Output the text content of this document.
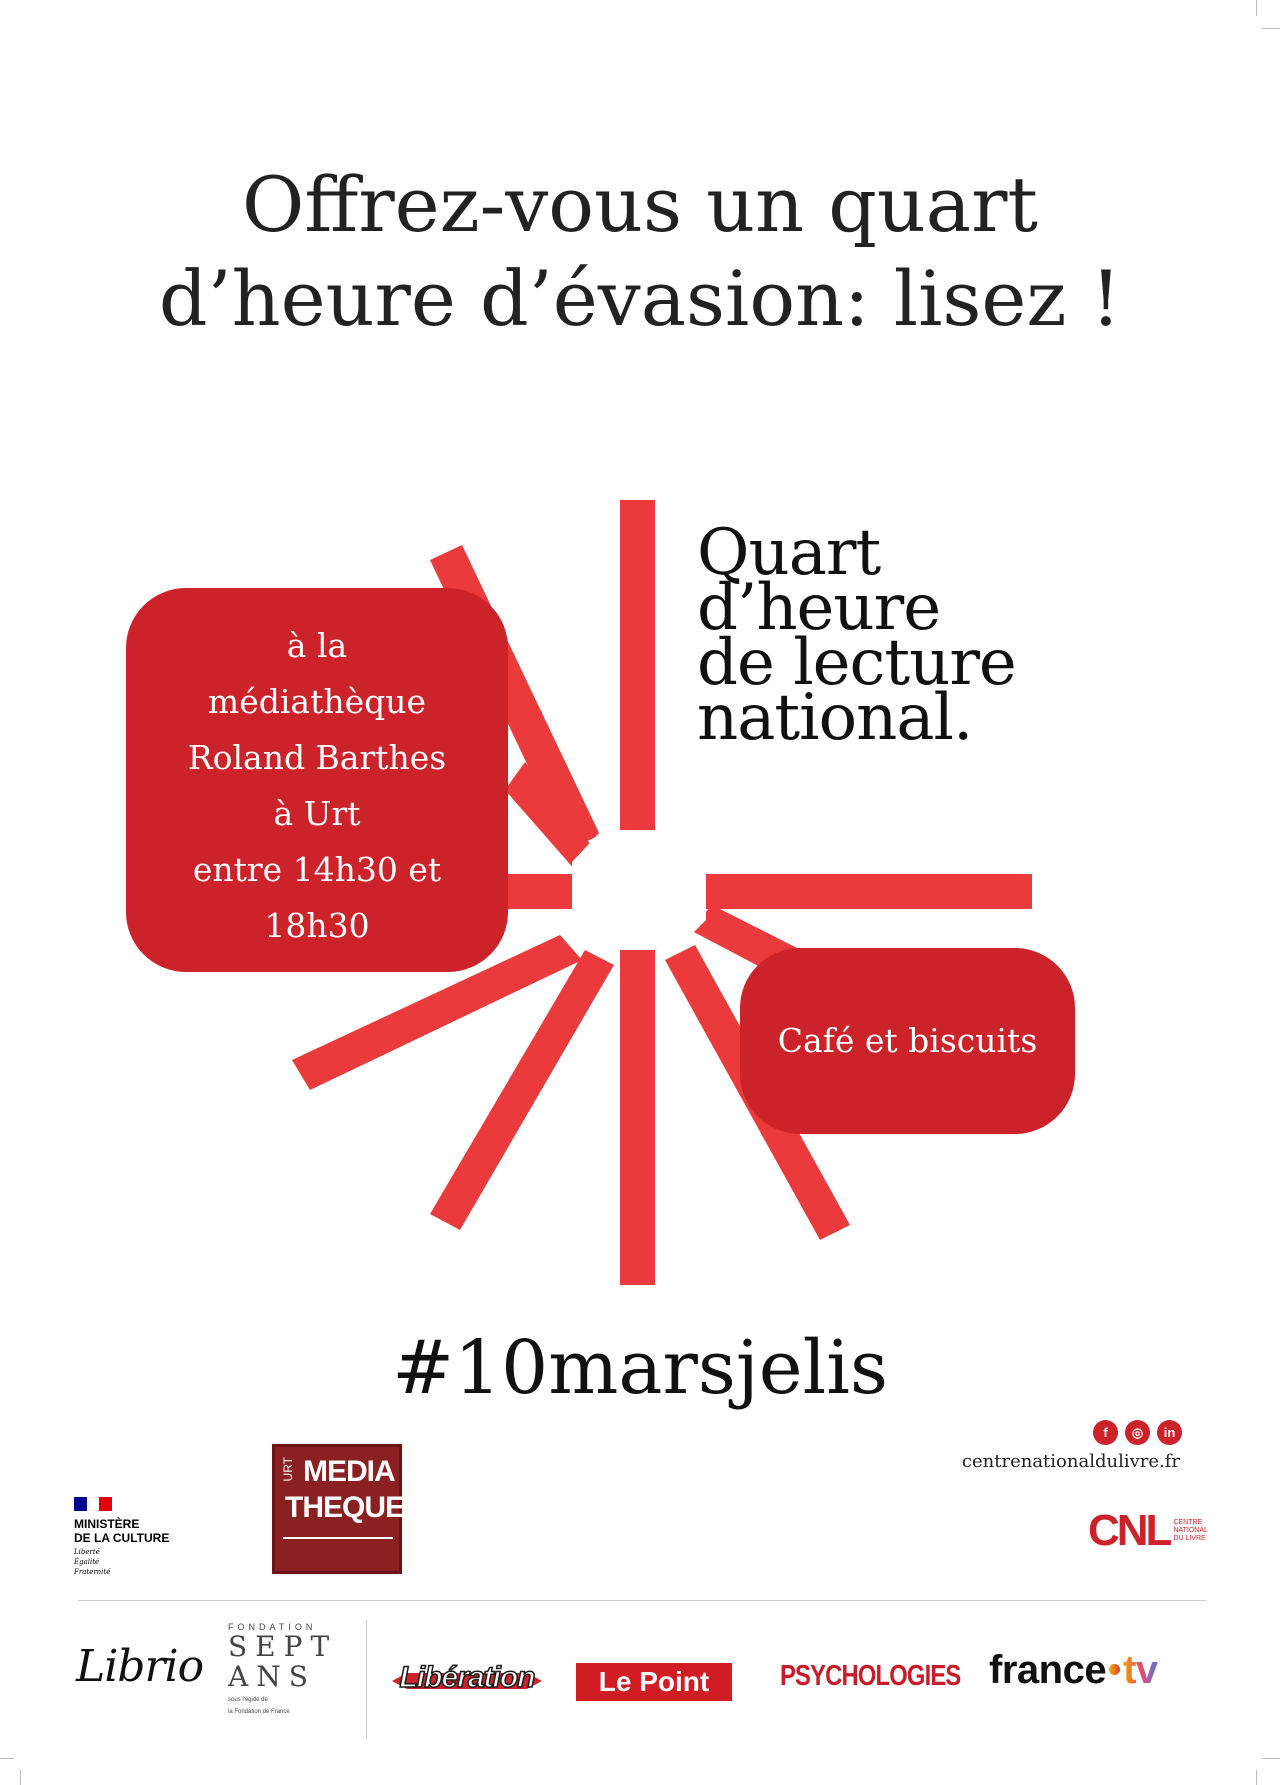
Offrez-vous un quart
d’heure d’évasion: lisez !
Quart
d’heure
de lecture
national.
à la
médiathèque
Roland Barthes
à Urt
entre 14h30 et
18h30
Café et biscuits
#10marsjelis
MINISTÈRE
DE LA CULTURE
Liberté
Égalité
Fraternité
URT MEDIA
THEQUE
f	◎	in
centrenationaldulivre.fr
CNL CENTRE NATIONAL DU LIVRE
Librio
FONDATION
SEPT
ANS
sous l'égide de
la Fondation de France
Libération	Le Point	PSYCHOLOGIES france tv
